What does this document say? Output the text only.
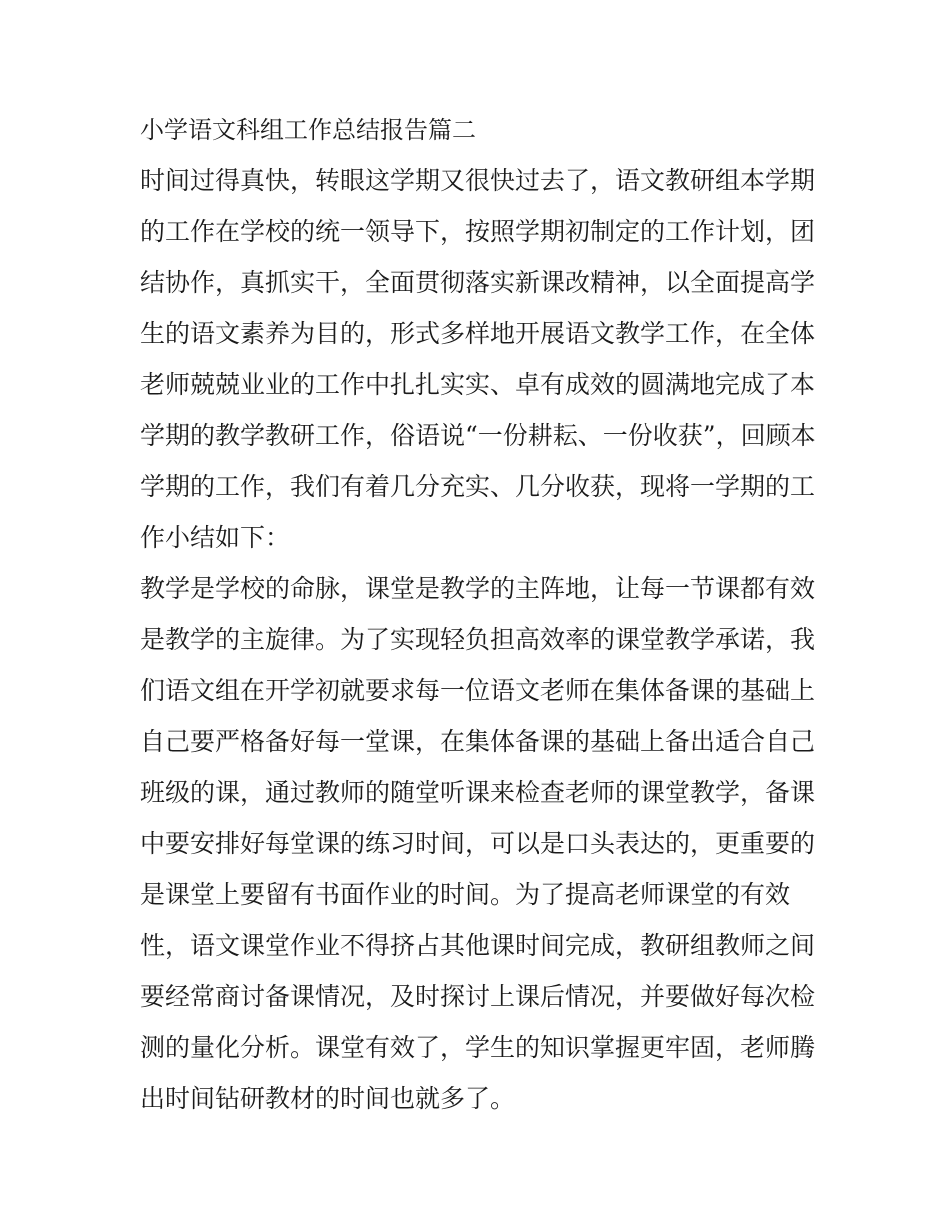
小学语文科组工作总结报告篇二
时间过得真快，转眼这学期又很快过去了，语文教研组本学期
的工作在学校的统一领导下，按照学期初制定的工作计划，团
结协作，真抓实干，全面贯彻落实新课改精神，以全面提高学
生的语文素养为目的，形式多样地开展语文教学工作，在全体
老师兢兢业业的工作中扎扎实实、卓有成效的圆满地完成了本
学期的教学教研工作，俗语说“一份耕耘、一份收获”，回顾本
学期的工作，我们有着几分充实、几分收获，现将一学期的工
作小结如下：
教学是学校的命脉，课堂是教学的主阵地，让每一节课都有效
是教学的主旋律。为了实现轻负担高效率的课堂教学承诺，我
们语文组在开学初就要求每一位语文老师在集体备课的基础上
自己要严格备好每一堂课，在集体备课的基础上备出适合自己
班级的课，通过教师的随堂听课来检查老师的课堂教学，备课
中要安排好每堂课的练习时间，可以是口头表达的，更重要的
是课堂上要留有书面作业的时间。为了提高老师课堂的有效
性，语文课堂作业不得挤占其他课时间完成，教研组教师之间
要经常商讨备课情况，及时探讨上课后情况，并要做好每次检
测的量化分析。课堂有效了，学生的知识掌握更牢固，老师腾
出时间钻研教材的时间也就多了。
